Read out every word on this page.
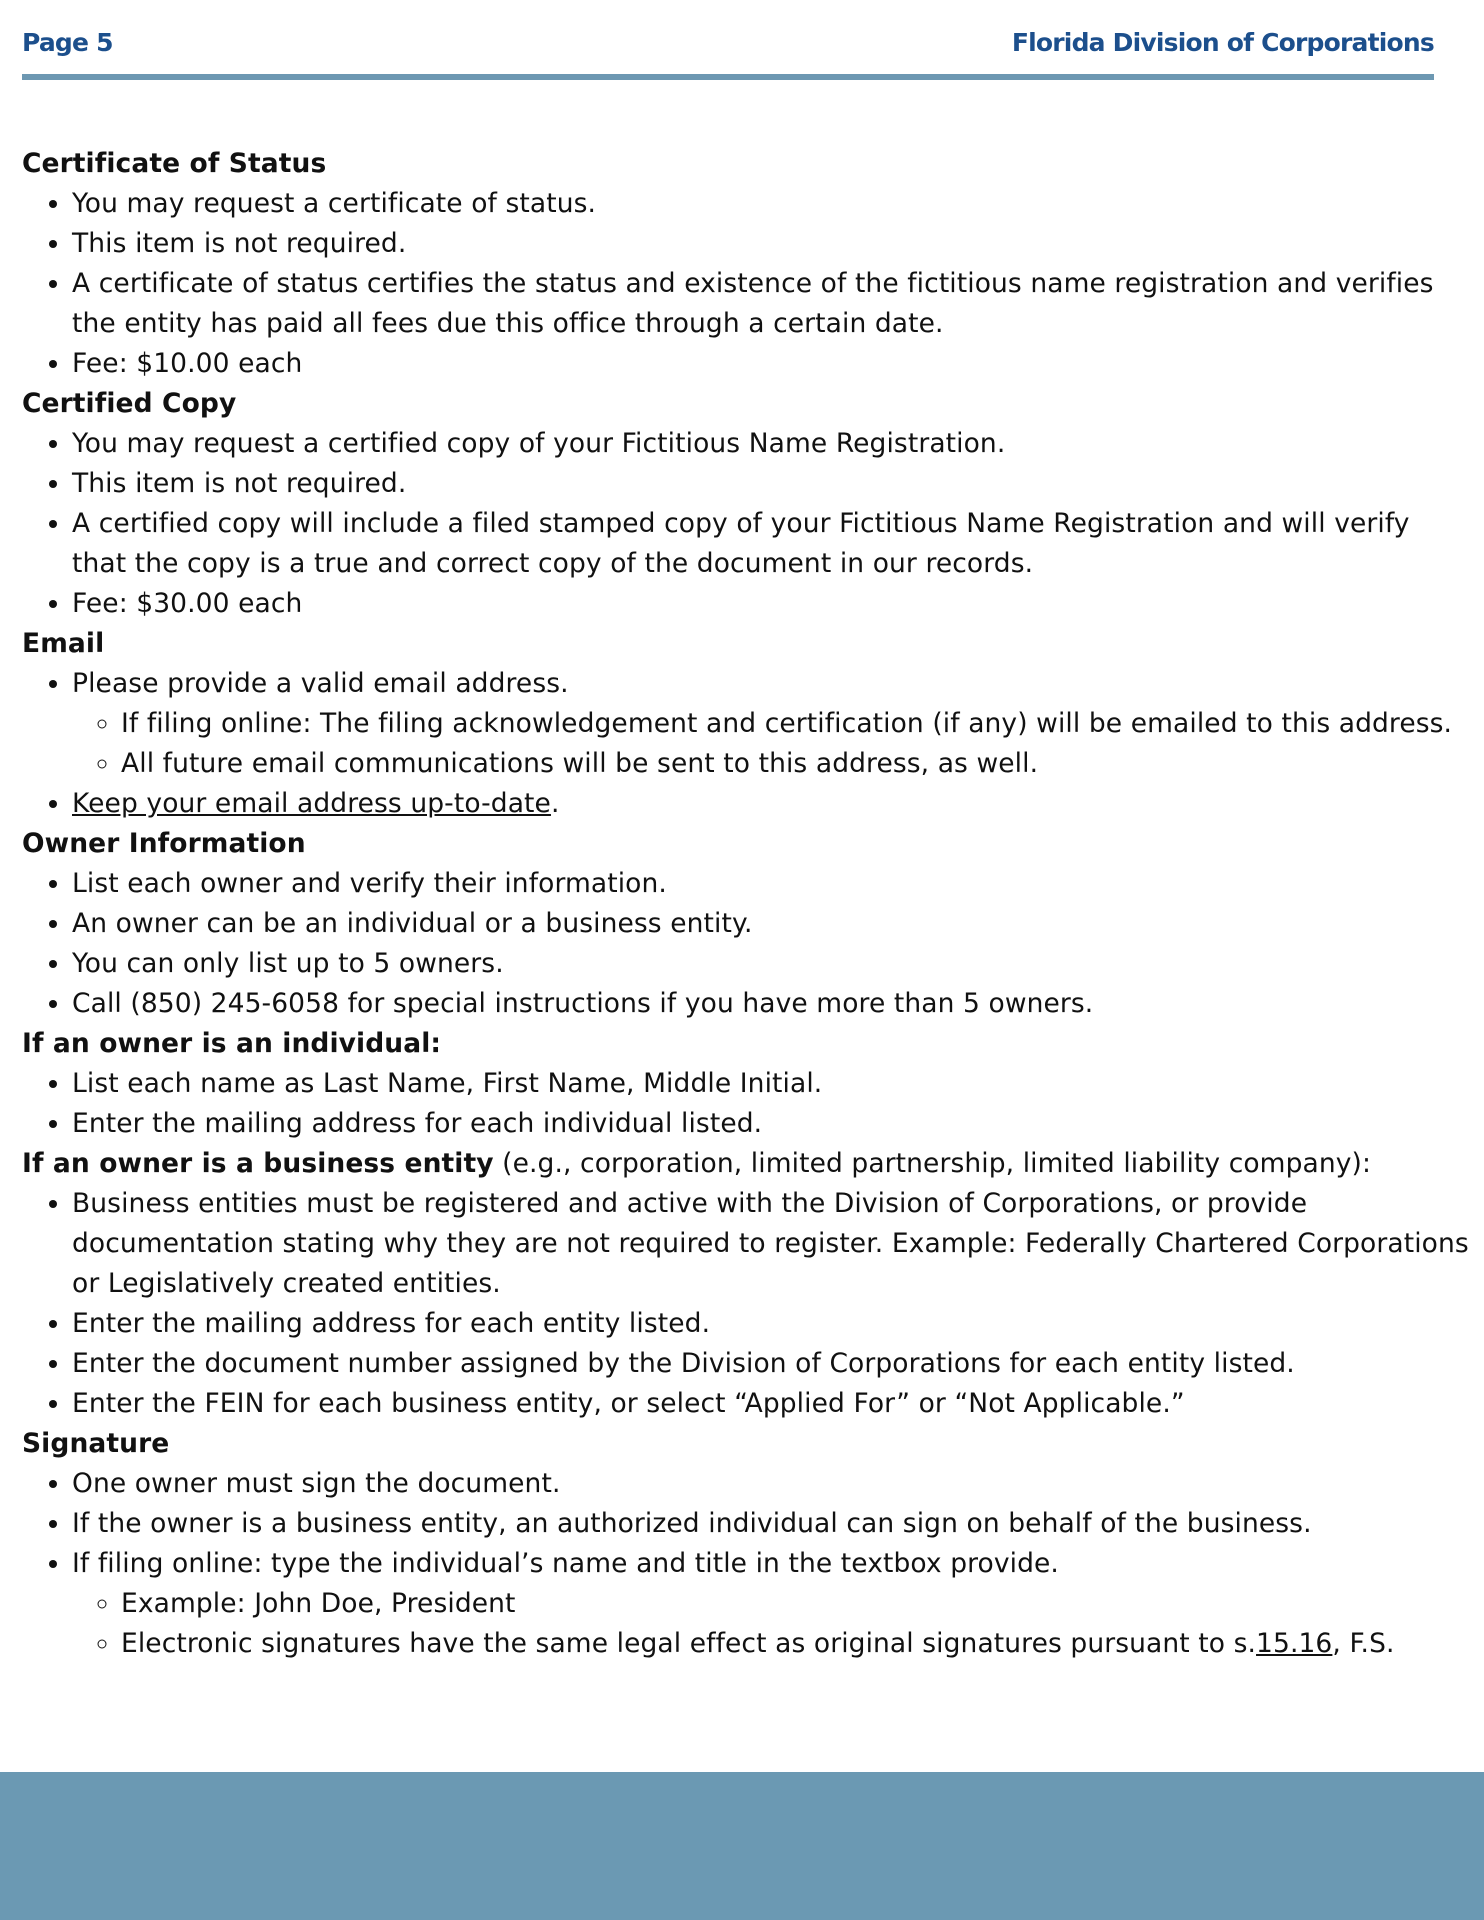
Page 5	Florida Division of Corporations
Certificate of Status
• You may request a certificate of status.
• This item is not required.
• A certificate of status certifies the status and existence of the fictitious name registration and verifies the entity has paid all fees due this office through a certain date.
• Fee: $10.00 each
Certified Copy
• You may request a certified copy of your Fictitious Name Registration.
• This item is not required.
• A certified copy will include a filed stamped copy of your Fictitious Name Registration and will verify that the copy is a true and correct copy of the document in our records.
• Fee: $30.00 each
Email
• Please provide a valid email address.
◦ If filing online: The filing acknowledgement and certification (if any) will be emailed to this address.
◦ All future email communications will be sent to this address, as well.
• Keep your email address up-to-date.
Owner Information
• List each owner and verify their information.
• An owner can be an individual or a business entity.
• You can only list up to 5 owners.
• Call (850) 245-6058 for special instructions if you have more than 5 owners.
If an owner is an individual:
• List each name as Last Name, First Name, Middle Initial.
• Enter the mailing address for each individual listed.
If an owner is a business entity (e.g., corporation, limited partnership, limited liability company):
• Business entities must be registered and active with the Division of Corporations, or provide documentation stating why they are not required to register. Example: Federally Chartered Corporations or Legislatively created entities.
• Enter the mailing address for each entity listed.
• Enter the document number assigned by the Division of Corporations for each entity listed.
• Enter the FEIN for each business entity, or select “Applied For” or “Not Applicable.”
Signature
• One owner must sign the document.
• If the owner is a business entity, an authorized individual can sign on behalf of the business.
• If filing online: type the individual’s name and title in the textbox provide.
◦ Example: John Doe, President
◦ Electronic signatures have the same legal effect as original signatures pursuant to s.15.16, F.S.
